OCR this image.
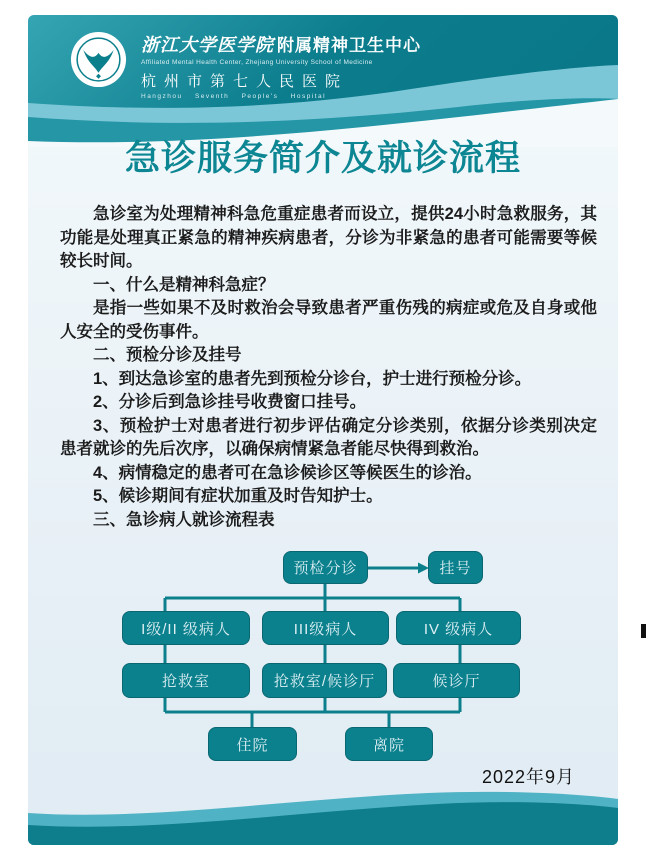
浙江大学医学院 附属精神卫生中心
Affiliated Mental Health Center, Zhejiang University School of Medicine
杭州市第七人民医院
Hangzhou Seventh People's Hospital
急诊服务简介及就诊流程

急诊室为处理精神科急危重症患者而设立，提供24小时急救服务，其功能是处理真正紧急的精神疾病患者，分诊为非紧急的患者可能需要等候较长时间。

一、什么是精神科急症？

是指一些如果不及时救治会导致患者严重伤残的病症或危及自身或他人安全的受伤事件。

二、预检分诊及挂号

1、到达急诊室的患者先到预检分诊台，护士进行预检分诊。

2、分诊后到急诊挂号收费窗口挂号。

3、预检护士对患者进行初步评估确定分诊类别，依据分诊类别决定患者就诊的先后次序，以确保病情紧急者能尽快得到救治。

4、病情稳定的患者可在急诊候诊区等候医生的诊治。

5、候诊期间有症状加重及时告知护士。

三、急诊病人就诊流程表

预检分诊	挂号
I级/II 级病人	III级病人	IV 级病人
抢救室	抢救室/候诊厅	候诊厅
住院	离院
2022年9月
